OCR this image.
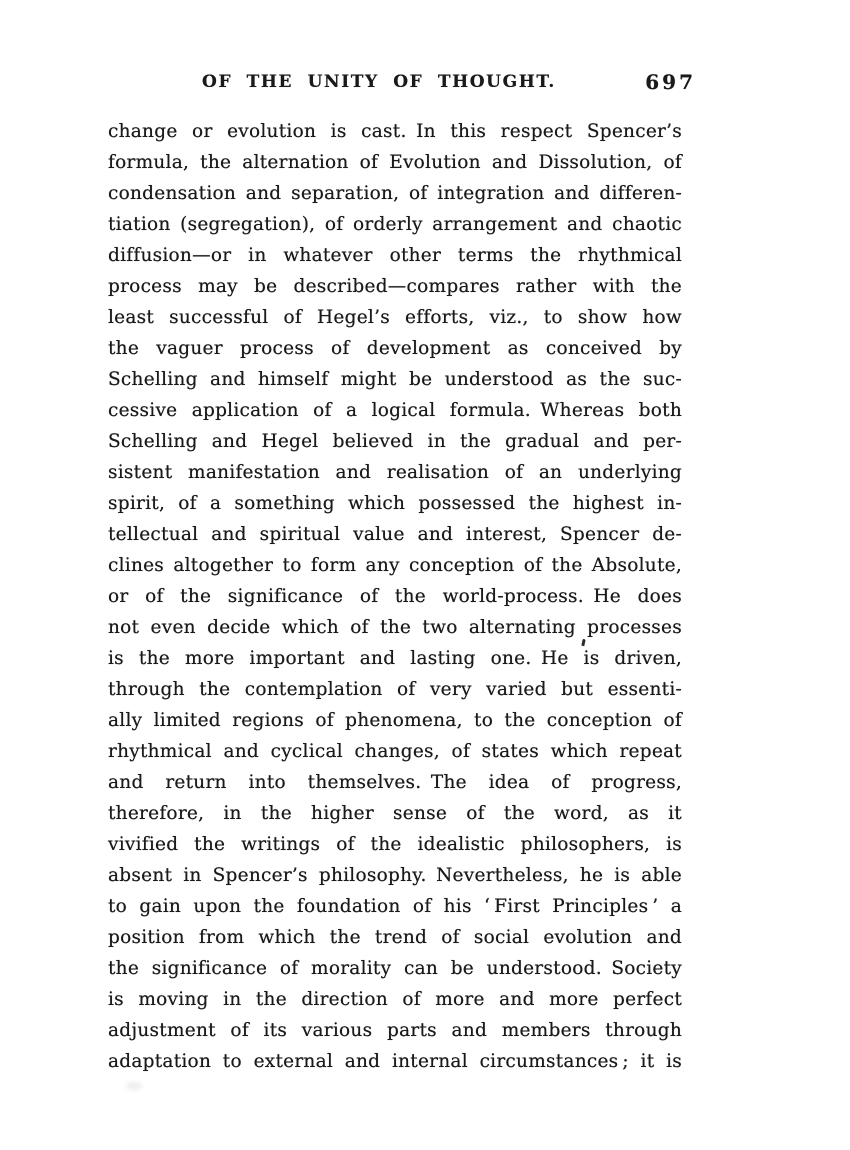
OF THE UNITY OF THOUGHT.	697
change or evolution is cast. In this respect Spencer’s
formula, the alternation of Evolution and Dissolution, of
condensation and separation, of integration and differen-
tiation (segregation), of orderly arrangement and chaotic
diffusion—or in whatever other terms the rhythmical
process may be described—compares rather with the
least successful of Hegel’s efforts, viz., to show how
the vaguer process of development as conceived by
Schelling and himself might be understood as the suc-
cessive application of a logical formula. Whereas both
Schelling and Hegel believed in the gradual and per-
sistent manifestation and realisation of an underlying
spirit, of a something which possessed the highest in-
tellectual and spiritual value and interest, Spencer de-
clines altogether to form any conception of the Absolute,
or of the significance of the world-process. He does
not even decide which of the two alternating processes
is the more important and lasting one. He is driven,
through the contemplation of very varied but essenti-
ally limited regions of phenomena, to the conception of
rhythmical and cyclical changes, of states which repeat
and return into themselves. The idea of progress,
therefore, in the higher sense of the word, as it
vivified the writings of the idealistic philosophers, is
absent in Spencer’s philosophy. Nevertheless, he is able
to gain upon the foundation of his ‘ First Principles ’ a
position from which the trend of social evolution and
the significance of morality can be understood. Society
is moving in the direction of more and more perfect
adjustment of its various parts and members through
adaptation to external and internal circumstances ; it is
